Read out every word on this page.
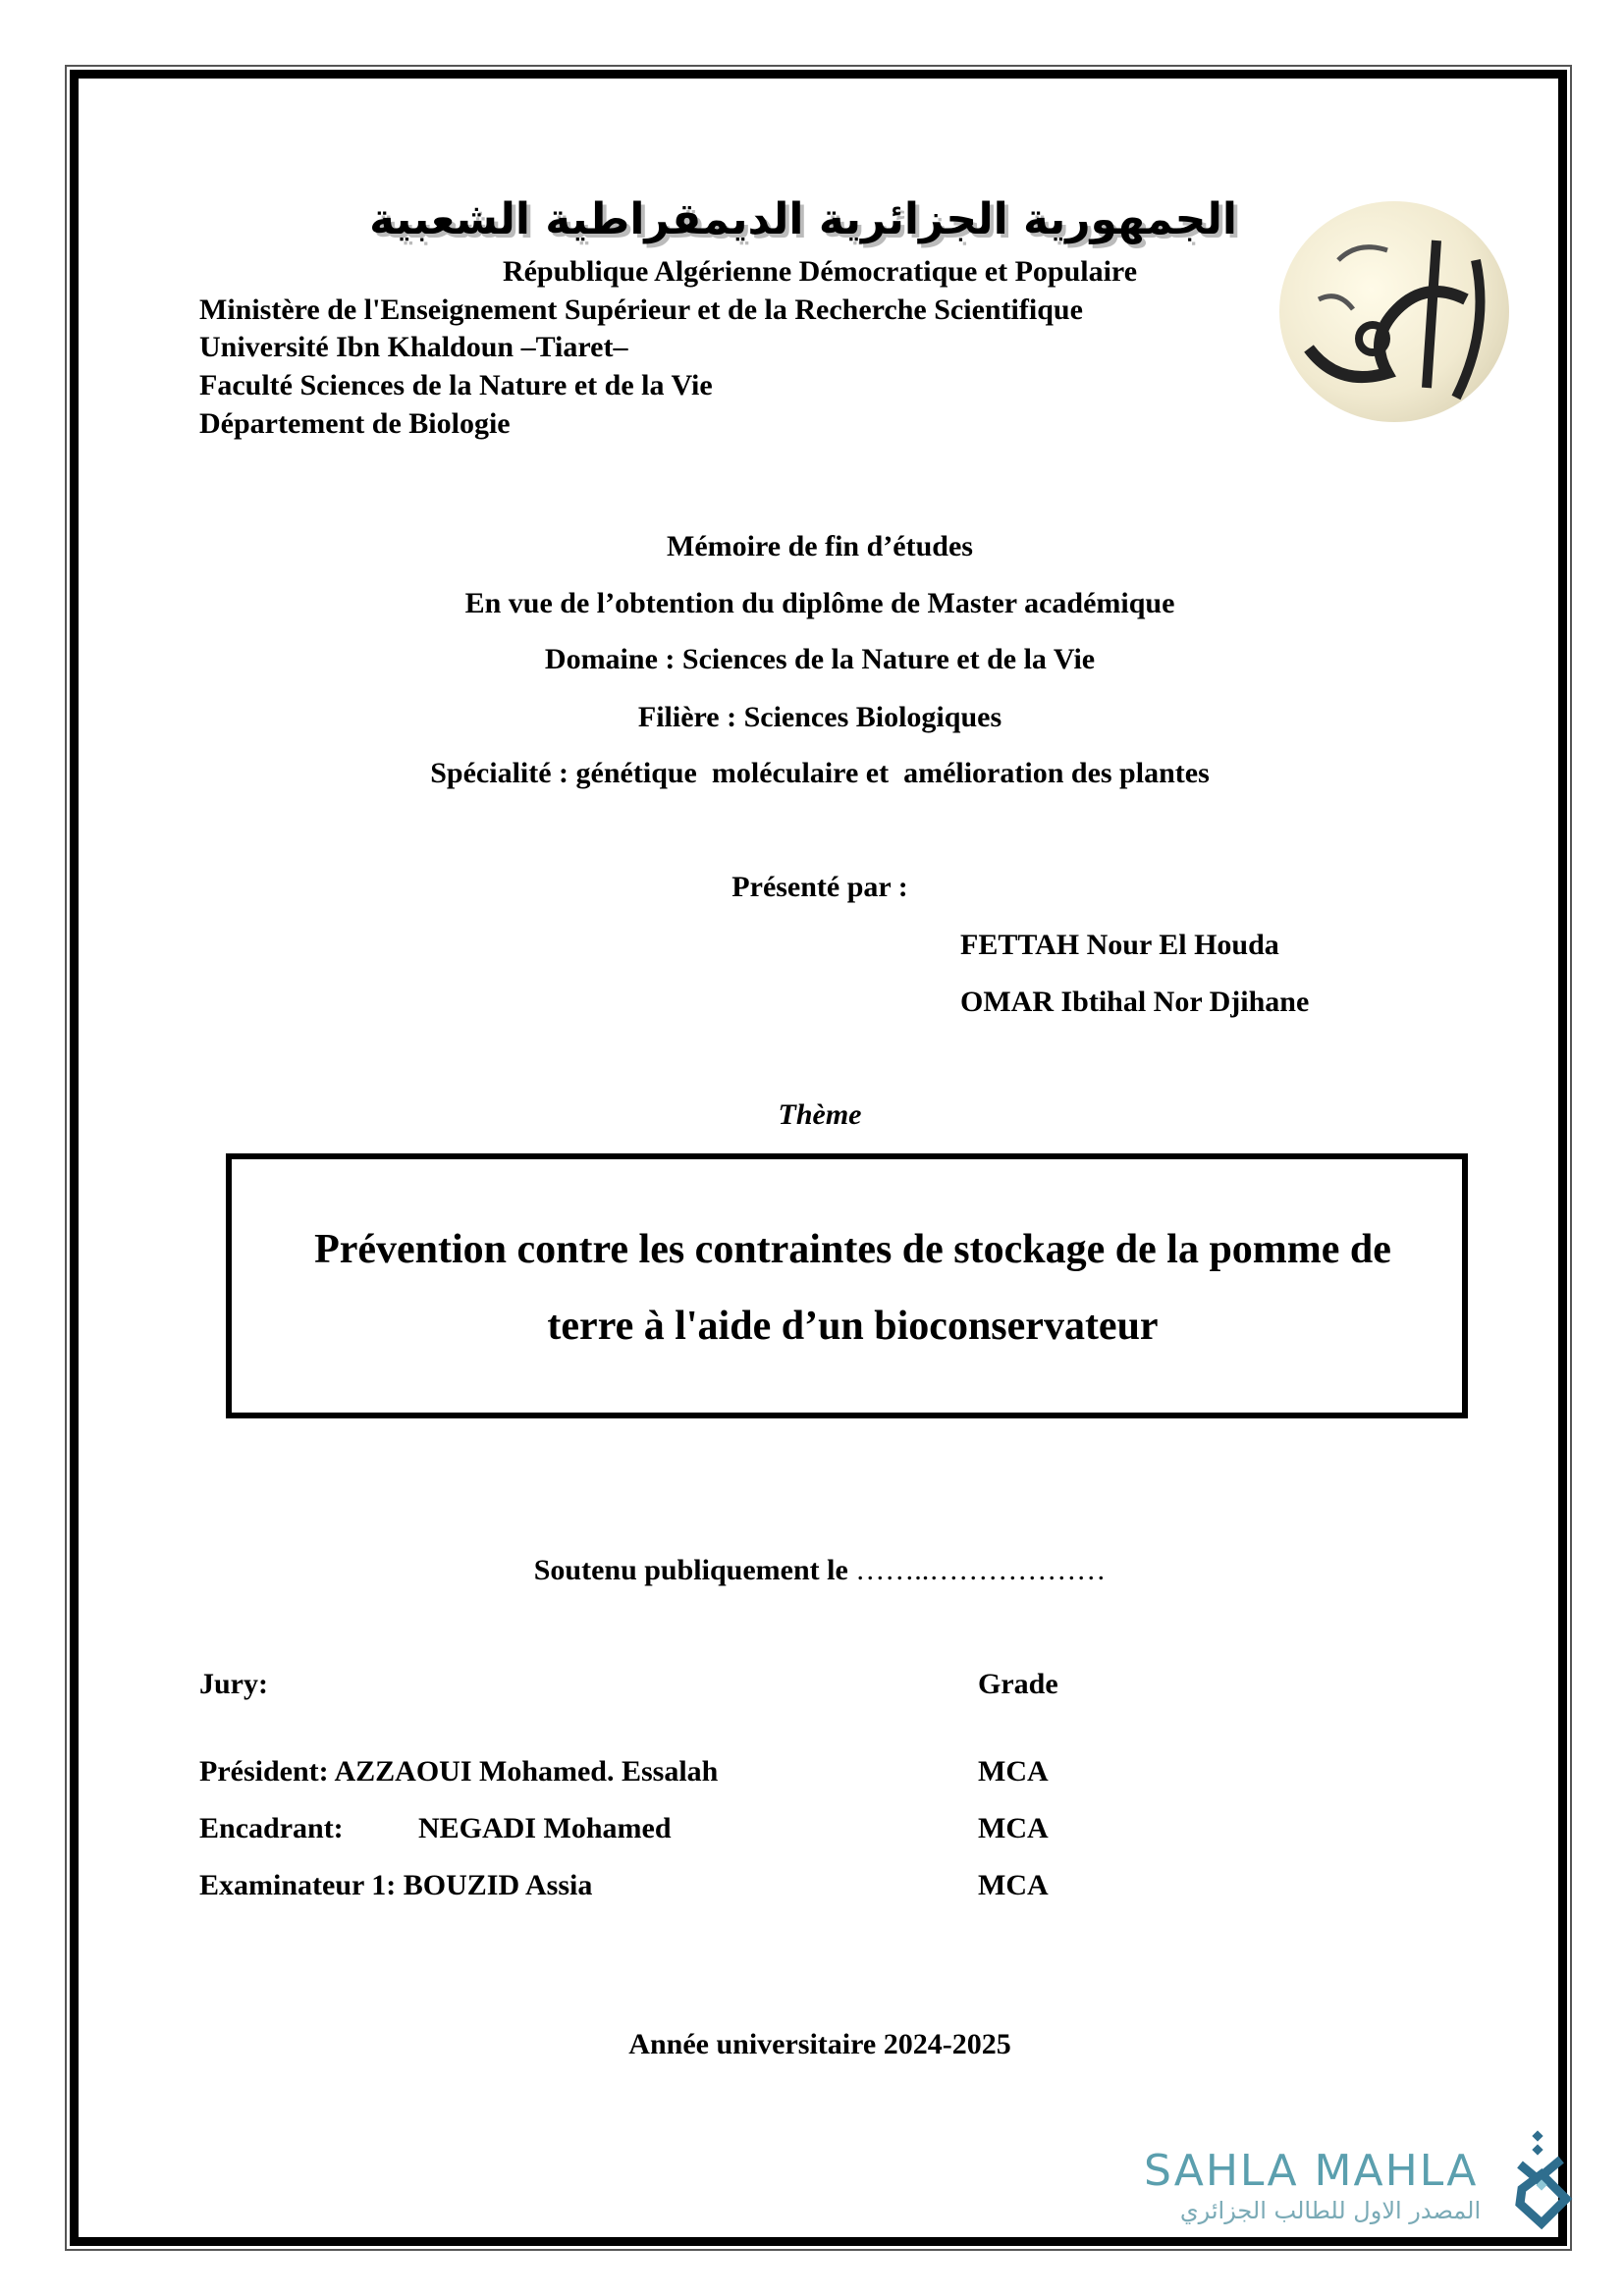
الجمهورية الجزائرية الديمقراطية الشعبية
République Algérienne Démocratique et Populaire
Ministère de l'Enseignement Supérieur et de la Recherche Scientifique
Université Ibn Khaldoun –Tiaret–
Faculté Sciences de la Nature et de la Vie
Département de Biologie
Mémoire de fin d’études
En vue de l’obtention du diplôme de Master académique
Domaine : Sciences de la Nature et de la Vie
Filière : Sciences Biologiques
Spécialité : génétique  moléculaire et  amélioration des plantes
Présenté par :
FETTAH Nour El Houda
OMAR Ibtihal Nor Djihane
Thème
Prévention contre les contraintes de stockage de la pomme de
terre à l'aide d’un bioconservateur
Soutenu publiquement le ……..………………
Jury:	Grade
Président: AZZAOUI Mohamed. Essalah	MCA
Encadrant:	NEGADI Mohamed	MCA
Examinateur 1: BOUZID Assia	MCA
Année universitaire 2024-2025
SAHLA MAHLA
المصدر الاول للطالب الجزائري
